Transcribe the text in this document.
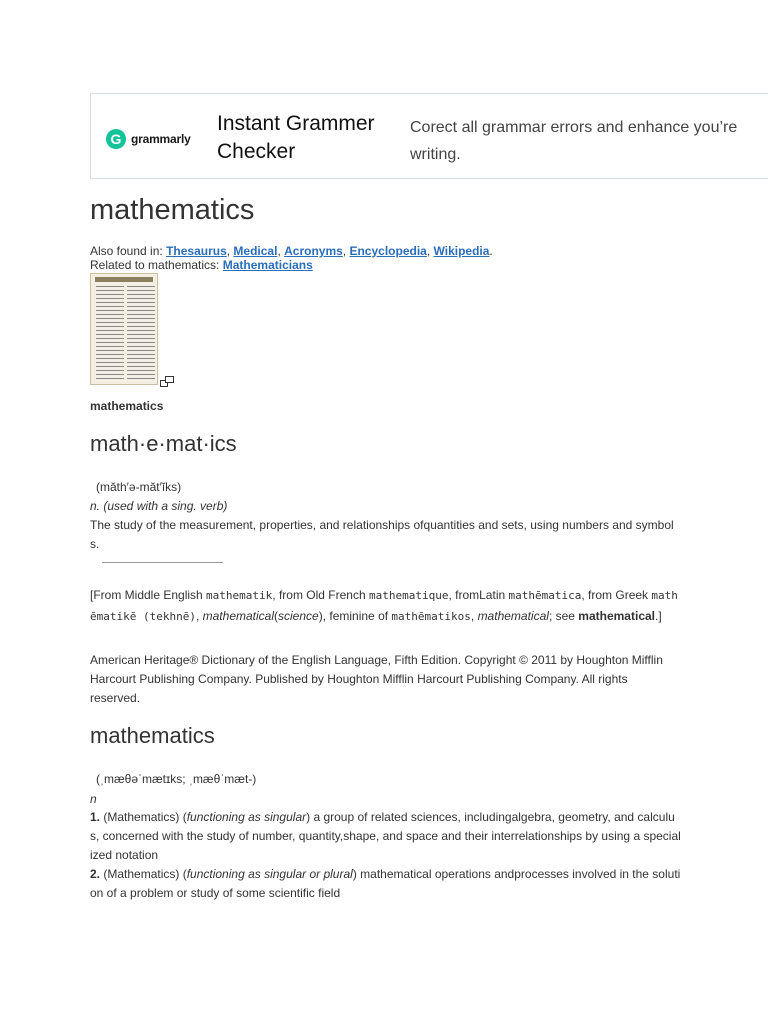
G grammarly
Instant Grammer Checker
Corect all grammar errors and enhance you’re writing.
mathematics
Also found in: Thesaurus, Medical, Acronyms, Encyclopedia, Wikipedia.
Related to mathematics: Mathematicians
mathematics
math·e·mat·ics
(măth′ə-măt′ĭks)
n. (used with a sing. verb)
The study of the measurement, properties, and relationships ofquantities and sets, using numbers and symbols.
[From Middle English mathematik, from Old French mathematique, fromLatin mathēmatica, from Greek mathēmatikē (tekhnē), mathematical(science), feminine of mathēmatikos, mathematical; see mathematical.]
American Heritage® Dictionary of the English Language, Fifth Edition. Copyright © 2011 by Houghton Mifflin Harcourt Publishing Company. Published by Houghton Mifflin Harcourt Publishing Company. All rights reserved.
mathematics
(ˌmæθəˈmætɪks; ˌmæθˈmæt-)
n
1. (Mathematics) (functioning as singular) a group of related sciences, includingalgebra, geometry, and calculus, concerned with the study of number, quantity,shape, and space and their interrelationships by using a specialized notation
2. (Mathematics) (functioning as singular or plural) mathematical operations andprocesses involved in the solution of a problem or study of some scientific field
